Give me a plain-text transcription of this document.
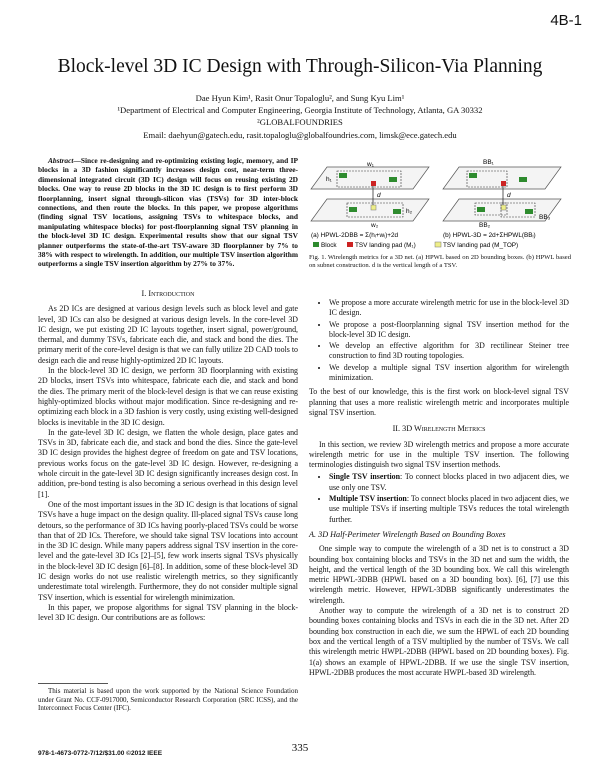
4B-1
Block-level 3D IC Design with Through-Silicon-Via Planning
Dae Hyun Kim¹, Rasit Onur Topaloglu², and Sung Kyu Lim¹
¹Department of Electrical and Computer Engineering, Georgia Institute of Technology, Atlanta, GA 30332
²GLOBALFOUNDRIES
Email: daehyun@gatech.edu, rasit.topaloglu@globalfoundries.com, limsk@ece.gatech.edu

Abstract—Since re-designing and re-optimizing existing logic, memory, and IP blocks in a 3D fashion significantly increases design cost, near-term three-dimensional integrated circuit (3D IC) design will focus on reusing existing 2D blocks. One way to reuse 2D blocks in the 3D IC design is to first perform 3D floorplanning, insert signal through-silicon vias (TSVs) for 3D inter-block connections, and then route the blocks. In this paper, we propose algorithms (finding signal TSV locations, assigning TSVs to whitespace blocks, and manipulating whitespace blocks) for post-floorplanning signal TSV planning in the block-level 3D IC design. Experimental results show that our signal TSV planner outperforms the state-of-the-art TSV-aware 3D floorplanner by 7% to 38% with respect to wirelength. In addition, our multiple TSV insertion algorithm outperforms a single TSV insertion algorithm by 27% to 37%.

I. Introduction

As 2D ICs are designed at various design levels such as block level and gate level, 3D ICs can also be designed at various design levels. In the core-level 3D IC design, we put existing 2D IC layouts together, insert signal, power/ground, thermal, and dummy TSVs, fabricate each die, and stack and bond the dies. The primary merit of the core-level design is that we can fully utilize 2D CAD tools to design each die and reuse highly-optimized 2D IC layouts.

In the block-level 3D IC design, we perform 3D floorplanning with existing 2D blocks, insert TSVs into whitespace, fabricate each die, and stack and bond the dies. The primary merit of the block-level design is that we can reuse existing highly-optimized blocks without major modification. Since re-designing and re-optimizing each block in a 3D fashion is very costly, using existing well-designed blocks is inevitable in the 3D IC design.

In the gate-level 3D IC design, we flatten the whole design, place gates and TSVs in 3D, fabricate each die, and stack and bond the dies. Since the gate-level 3D IC design provides the highest degree of freedom on gate and TSV locations, previous works focus on the gate-level 3D IC design. However, re-designing a whole circuit in the gate-level 3D IC design significantly increases design cost. In addition, pre-bond testing is also becoming a serious overhead in this design level [1].

One of the most important issues in the 3D IC design is that locations of signal TSVs have a huge impact on the design quality. Ill-placed signal TSVs cause long detours, so the performance of 3D ICs having poorly-placed TSVs could be worse than that of 2D ICs. Therefore, we should take signal TSV locations into account in the 3D IC design. While many papers address signal TSV insertion in the core-level and the gate-level 3D ICs [2]–[5], few work inserts signal TSVs physically in the block-level 3D IC design [6]–[8]. In addition, some of these block-level 3D IC design works do not use realistic wirelength metrics, so they significantly underestimate total wirelength. Furthermore, they do not consider multiple signal TSV insertion, which is essential for wirelength minimization.

In this paper, we propose algorithms for signal TSV planning in the block-level 3D IC design. Our contributions are as follows:

This material is based upon the work supported by the National Science Foundation under Grant No. CCF-0917000, Semiconductor Research Corporation (SRC ICSS), and the Interconnect Focus Center (IFC).

978-1-4673-0772-7/12/$31.00 ©2012 IEEE	335
w₁
h₁
w₂
h₂
d
BB₁
BB₂
BB₃
d
(a) HPWL-2DBB = Σ(hᵢ+wᵢ)+2d	(b) HPWL-3D = 2d+ΣHPWL(BBᵢ)
Block	TSV landing pad (M₁)	TSV landing pad (M_TOP)
Fig. 1. Wirelength metrics for a 3D net. (a) HPWL based on 2D bounding boxes. (b) HPWL based on subnet construction. d is the vertical length of a TSV.
• We propose a more accurate wirelength metric for use in the block-level 3D IC design.
• We propose a post-floorplanning signal TSV insertion method for the block-level 3D IC design.
• We develop an effective algorithm for 3D rectilinear Steiner tree construction to find 3D routing topologies.
• We develop a multiple signal TSV insertion algorithm for wirelength minimization.

To the best of our knowledge, this is the first work on block-level signal TSV planning that uses a more realistic wirelength metric and incorporates multiple signal TSV insertion.

II. 3D Wirelength Metrics

In this section, we review 3D wirelength metrics and propose a more accurate wirelength metric for use in the multiple TSV insertion. The following terminologies distinguish two signal TSV insertion methods.

• Single TSV insertion: To connect blocks placed in two adjacent dies, we use only one TSV.
• Multiple TSV insertion: To connect blocks placed in two adjacent dies, we use multiple TSVs if inserting multiple TSVs reduces the total wirelength further.
A. 3D Half-Perimeter Wirelength Based on Bounding Boxes

One simple way to compute the wirelength of a 3D net is to construct a 3D bounding box containing blocks and TSVs in the 3D net and sum the width, the height, and the vertical length of the 3D bounding box. We call this wirelength metric HPWL-3DBB (HPWL based on a 3D bounding box). [6], [7] use this wirelength metric. However, HPWL-3DBB significantly underestimates the wirelength.

Another way to compute the wirelength of a 3D net is to construct 2D bounding boxes containing blocks and TSVs in each die in the 3D net. After 2D bounding box construction in each die, we sum the HPWL of each 2D bounding box and the vertical length of a TSV multiplied by the number of TSVs. We call this wirelength metric HWPL-2DBB (HPWL based on 2D bounding boxes). Fig. 1(a) shows an example of HPWL-2DBB. If we use the single TSV insertion, HPWL-2DBB produces the most accurate HWPL-based 3D wirelength.
